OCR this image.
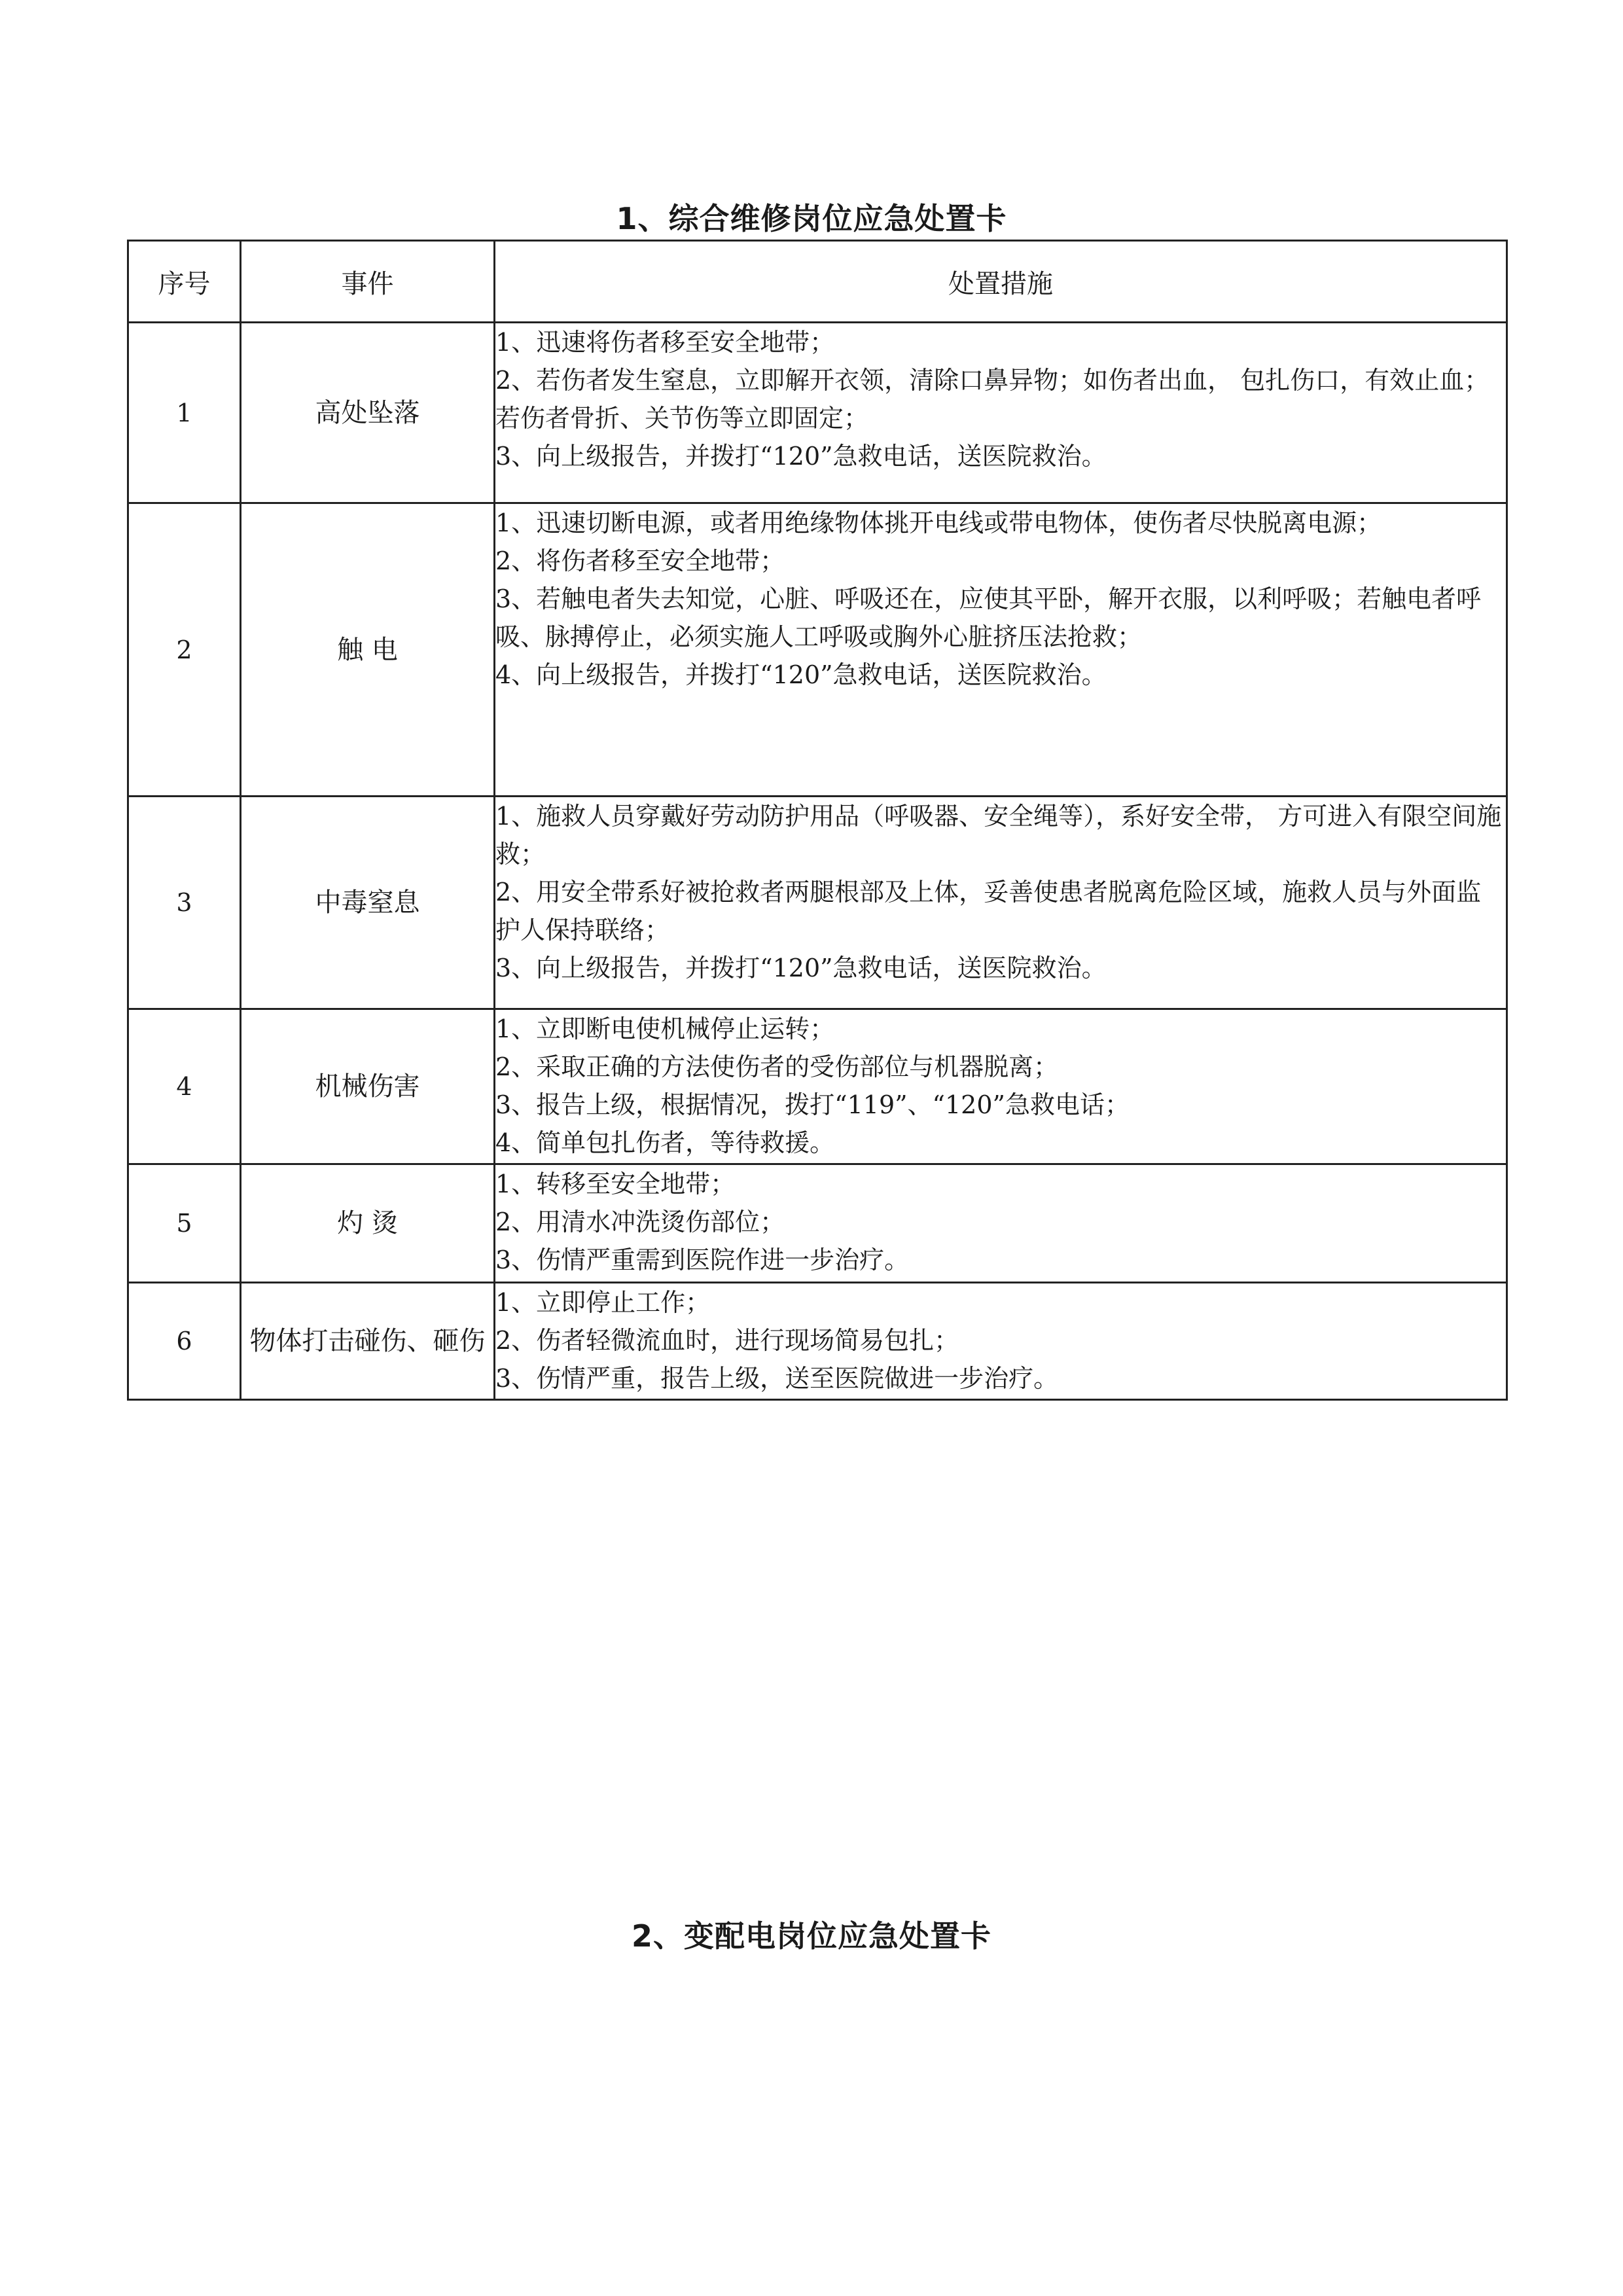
1、综合维修岗位应急处置卡
序号	事件	处置措施
1	高处坠落	1、迅速将伤者移至安全地带；
2、若伤者发生窒息，立即解开衣领，清除口鼻异物；如伤者出血， 包扎伤口，有效止血；若伤者骨折、关节伤等立即固定；
3、向上级报告，并拨打“120”急救电话，送医院救治。

2	触 电	1、迅速切断电源，或者用绝缘物体挑开电线或带电物体，使伤者尽快脱离电源；
2、将伤者移至安全地带；
3、若触电者失去知觉，心脏、呼吸还在，应使其平卧，解开衣服，以利呼吸；若触电者呼吸、脉搏停止，必须实施人工呼吸或胸外心脏挤压法抢救；
4、向上级报告，并拨打“120”急救电话，送医院救治。

3	中毒窒息	1、施救人员穿戴好劳动防护用品（呼吸器、安全绳等），系好安全带， 方可进入有限空间施救；
2、用安全带系好被抢救者两腿根部及上体，妥善使患者脱离危险区域，施救人员与外面监护人保持联络；
3、向上级报告，并拨打“120”急救电话，送医院救治。

4	机械伤害	1、立即断电使机械停止运转；
2、采取正确的方法使伤者的受伤部位与机器脱离；
3、报告上级，根据情况，拨打“119”、“120”急救电话；
4、简单包扎伤者，等待救援。

5	灼 烫	1、转移至安全地带；
2、用清水冲洗烫伤部位；
3、伤情严重需到医院作进一步治疗。

6	物体打击碰伤、砸伤	1、立即停止工作；
2、伤者轻微流血时，进行现场简易包扎；
3、伤情严重，报告上级，送至医院做进一步治疗。
2、变配电岗位应急处置卡
